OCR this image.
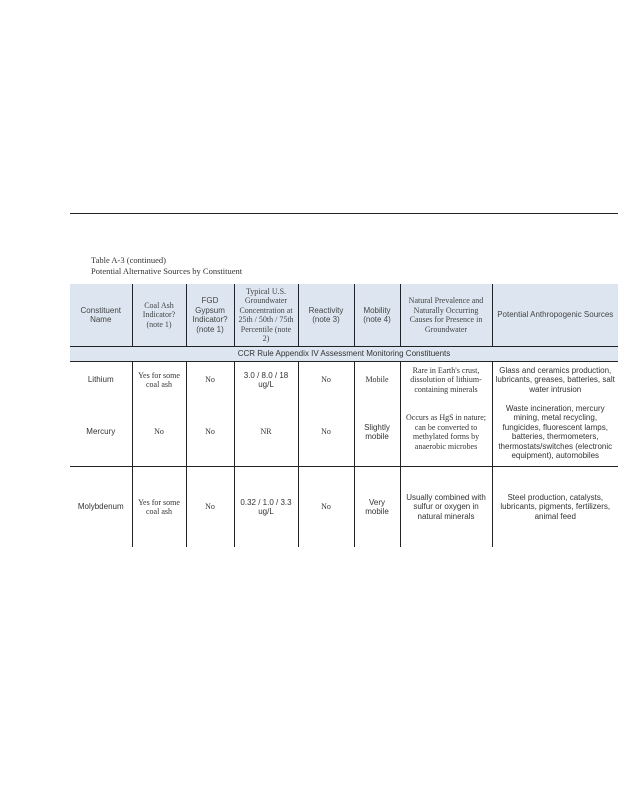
Table A-3 (continued)
Potential Alternative Sources by Constituent
Constituent Name	Coal Ash Indicator? (note 1)	FGD Gypsum Indicator? (note 1)	Typical U.S. Groundwater Concentration at 25th / 50th / 75th Percentile (note 2)	Reactivity (note 3)	Mobility (note 4)	Natural Prevalence and Naturally Occurring Causes for Presence in Groundwater	Potential Anthropogenic Sources
CCR Rule Appendix IV Assessment Monitoring Constituents							
Lithium	Yes for some coal ash	No	3.0 / 8.0 / 18 ug/L	No	Mobile	Rare in Earth's crust, dissolution of lithium-containing minerals	Glass and ceramics production, lubricants, greases, batteries, salt water intrusion
Mercury	No	No	NR	No	Slightly mobile	Occurs as HgS in nature; can be converted to methylated forms by anaerobic microbes	Waste incineration, mercury mining, metal recycling, fungicides, fluorescent lamps, batteries, thermometers, thermostats/switches (electronic equipment), automobiles
Molybdenum	Yes for some coal ash	No	0.32 / 1.0 / 3.3 ug/L	No	Very mobile	Usually combined with sulfur or oxygen in natural minerals	Steel production, catalysts, lubricants, pigments, fertilizers, animal feed
